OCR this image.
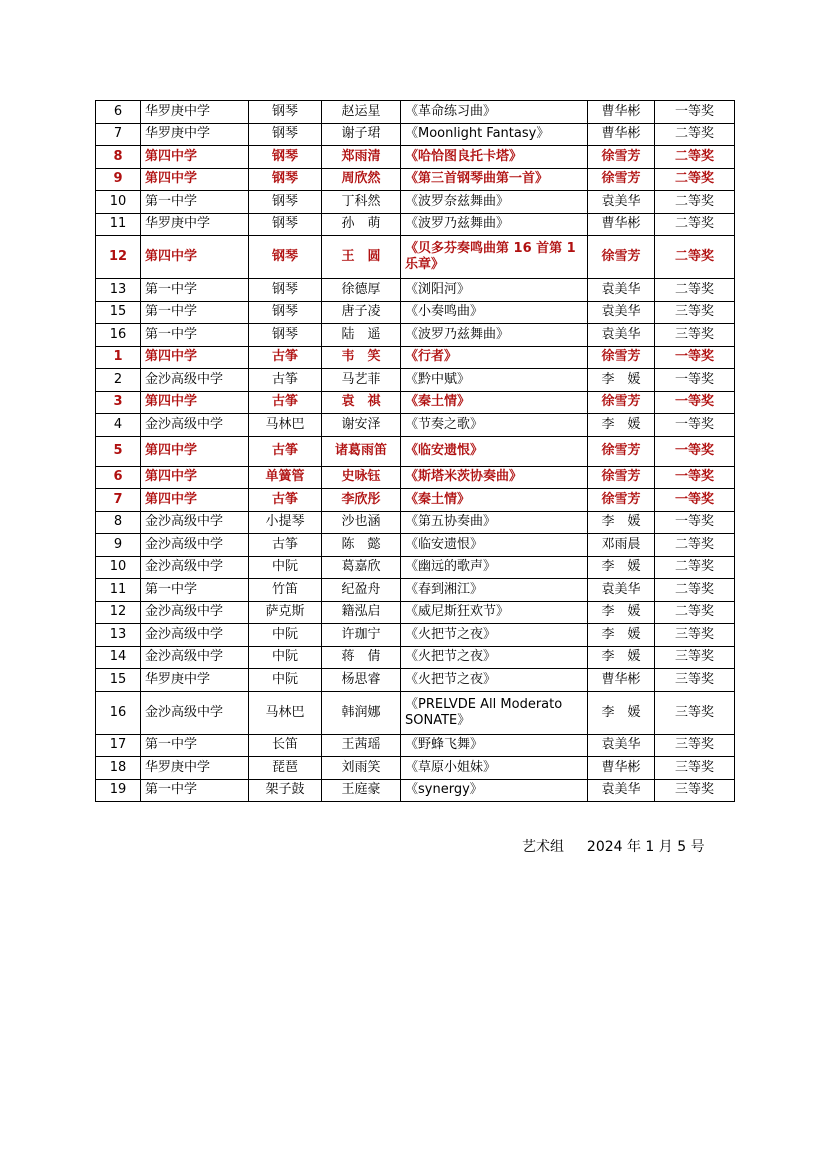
6	华罗庚中学	钢琴	赵运星	《革命练习曲》	曹华彬	一等奖
7	华罗庚中学	钢琴	谢子珺	《Moonlight Fantasy》	曹华彬	二等奖
8	第四中学	钢琴	郑雨清	《哈恰图良托卡塔》	徐雪芳	二等奖
9	第四中学	钢琴	周欣然	《第三首钢琴曲第一首》	徐雪芳	二等奖
10	第一中学	钢琴	丁科然	《波罗奈兹舞曲》	袁美华	二等奖
11	华罗庚中学	钢琴	孙　萌	《波罗乃兹舞曲》	曹华彬	二等奖
12	第四中学	钢琴	王　圆	《贝多芬奏鸣曲第 16 首第 1 乐章》	徐雪芳	二等奖
13	第一中学	钢琴	徐德厚	《浏阳河》	袁美华	二等奖
15	第一中学	钢琴	唐子凌	《小奏鸣曲》	袁美华	三等奖
16	第一中学	钢琴	陆　遥	《波罗乃兹舞曲》	袁美华	三等奖
1	第四中学	古筝	韦　笑	《行者》	徐雪芳	一等奖
2	金沙高级中学	古筝	马艺菲	《黔中赋》	李　媛	一等奖
3	第四中学	古筝	袁　祺	《秦土情》	徐雪芳	一等奖
4	金沙高级中学	马林巴	谢安泽	《节奏之歌》	李　媛	一等奖
5	第四中学	古筝	诸葛雨笛	《临安遗恨》	徐雪芳	一等奖
6	第四中学	单簧管	史咏钰	《斯塔米茨协奏曲》	徐雪芳	一等奖
7	第四中学	古筝	李欣彤	《秦土情》	徐雪芳	一等奖
8	金沙高级中学	小提琴	沙也涵	《第五协奏曲》	李　媛	一等奖
9	金沙高级中学	古筝	陈　懿	《临安遗恨》	邓雨晨	二等奖
10	金沙高级中学	中阮	葛嘉欣	《幽远的歌声》	李　媛	二等奖
11	第一中学	竹笛	纪盈舟	《春到湘江》	袁美华	二等奖
12	金沙高级中学	萨克斯	籍泓启	《威尼斯狂欢节》	李　媛	二等奖
13	金沙高级中学	中阮	许珈宁	《火把节之夜》	李　媛	三等奖
14	金沙高级中学	中阮	蒋　倩	《火把节之夜》	李　媛	三等奖
15	华罗庚中学	中阮	杨思睿	《火把节之夜》	曹华彬	三等奖
16	金沙高级中学	马林巴	韩润娜	《PRELVDE All Moderato SONATE》	李　媛	三等奖
17	第一中学	长笛	王茜瑶	《野蜂飞舞》	袁美华	三等奖
18	华罗庚中学	琵琶	刘雨笑	《草原小姐妹》	曹华彬	三等奖
19	第一中学	架子鼓	王庭豪	《synergy》	袁美华	三等奖
艺术组 　 2024 年 1 月 5 号
